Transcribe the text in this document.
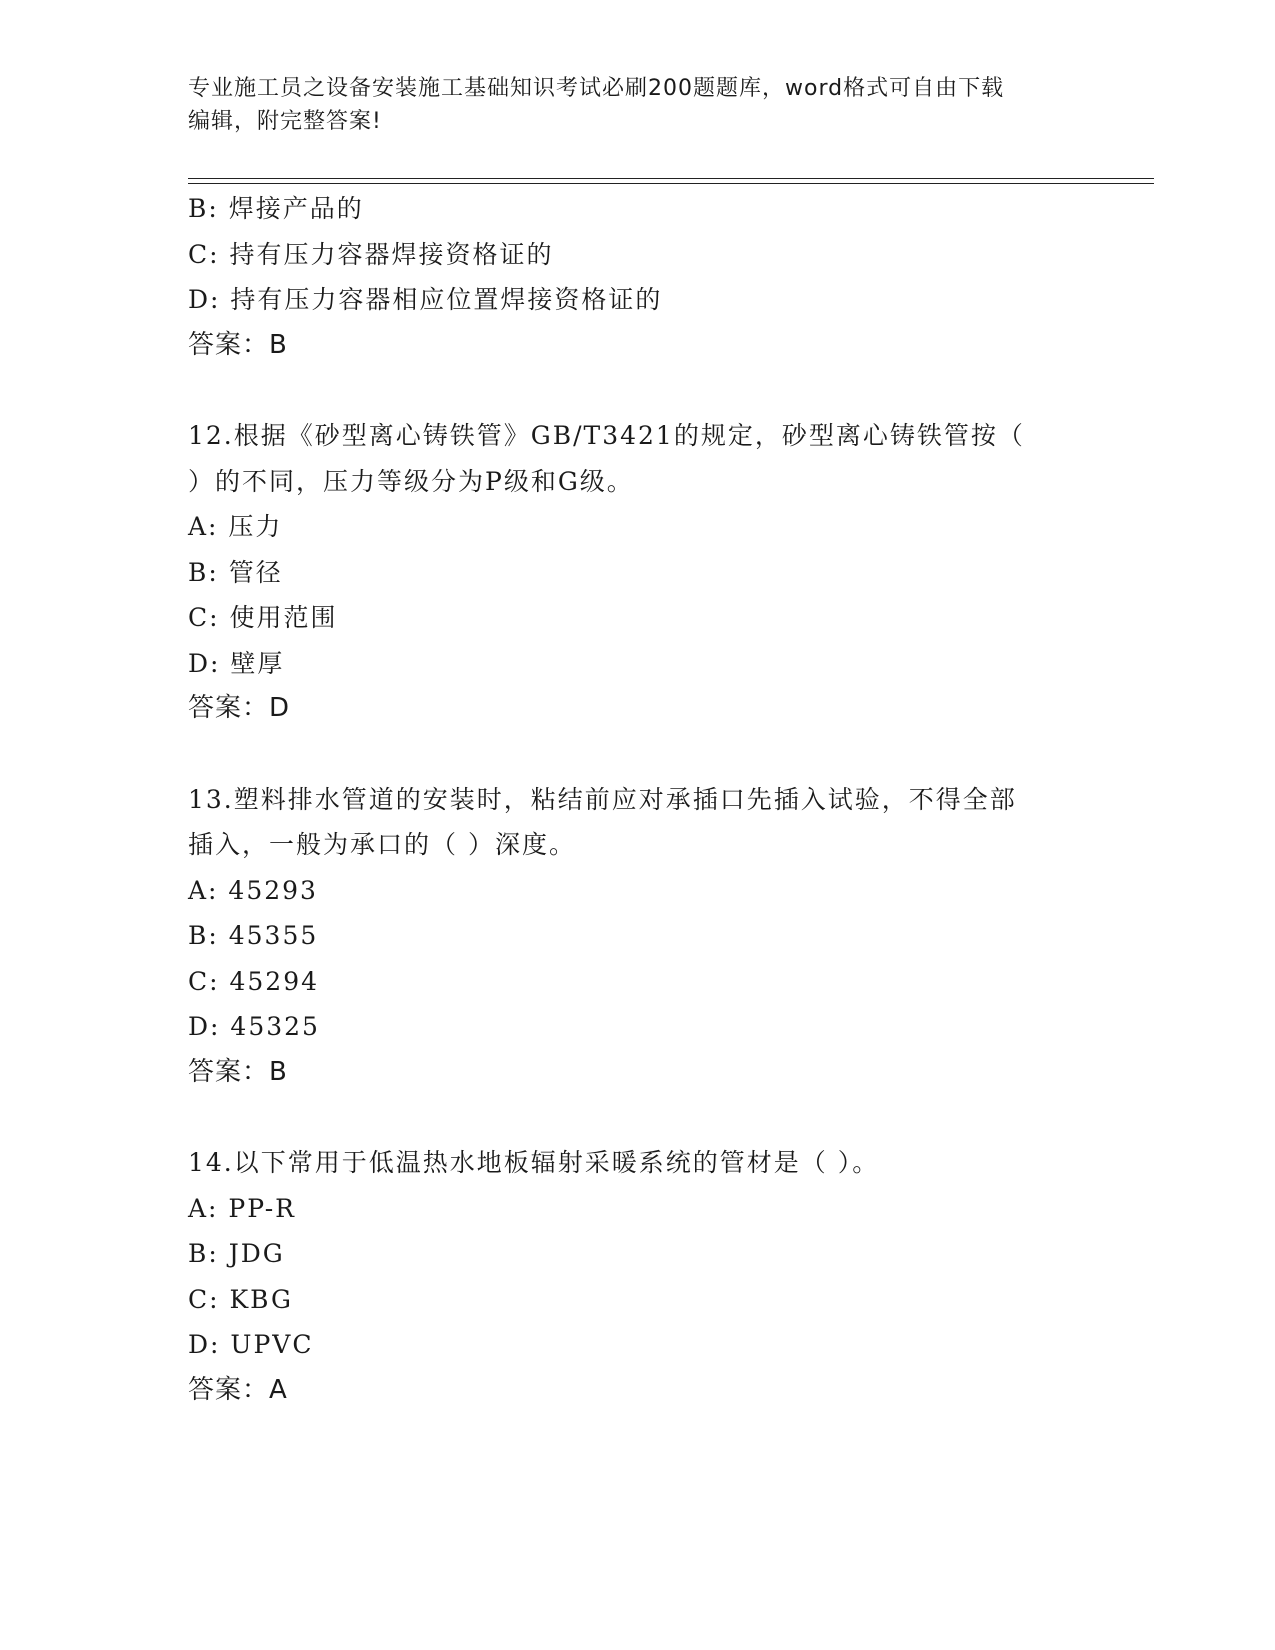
专业施工员之设备安装施工基础知识考试必刷200题题库，word格式可自由下载
编辑，附完整答案!
B: 焊接产品的
C: 持有压力容器焊接资格证的
D: 持有压力容器相应位置焊接资格证的
答案：B
12.根据《砂型离心铸铁管》GB/T3421的规定，砂型离心铸铁管按（
）的不同，压力等级分为P级和G级。
A: 压力
B: 管径
C: 使用范围
D: 壁厚
答案：D
13.塑料排水管道的安装时，粘结前应对承插口先插入试验，不得全部
插入，一般为承口的（ ）深度。
A: 45293
B: 45355
C: 45294
D: 45325
答案：B
14.以下常用于低温热水地板辐射采暖系统的管材是（ ）。
A: PP-R
B: JDG
C: KBG
D: UPVC
答案：A
